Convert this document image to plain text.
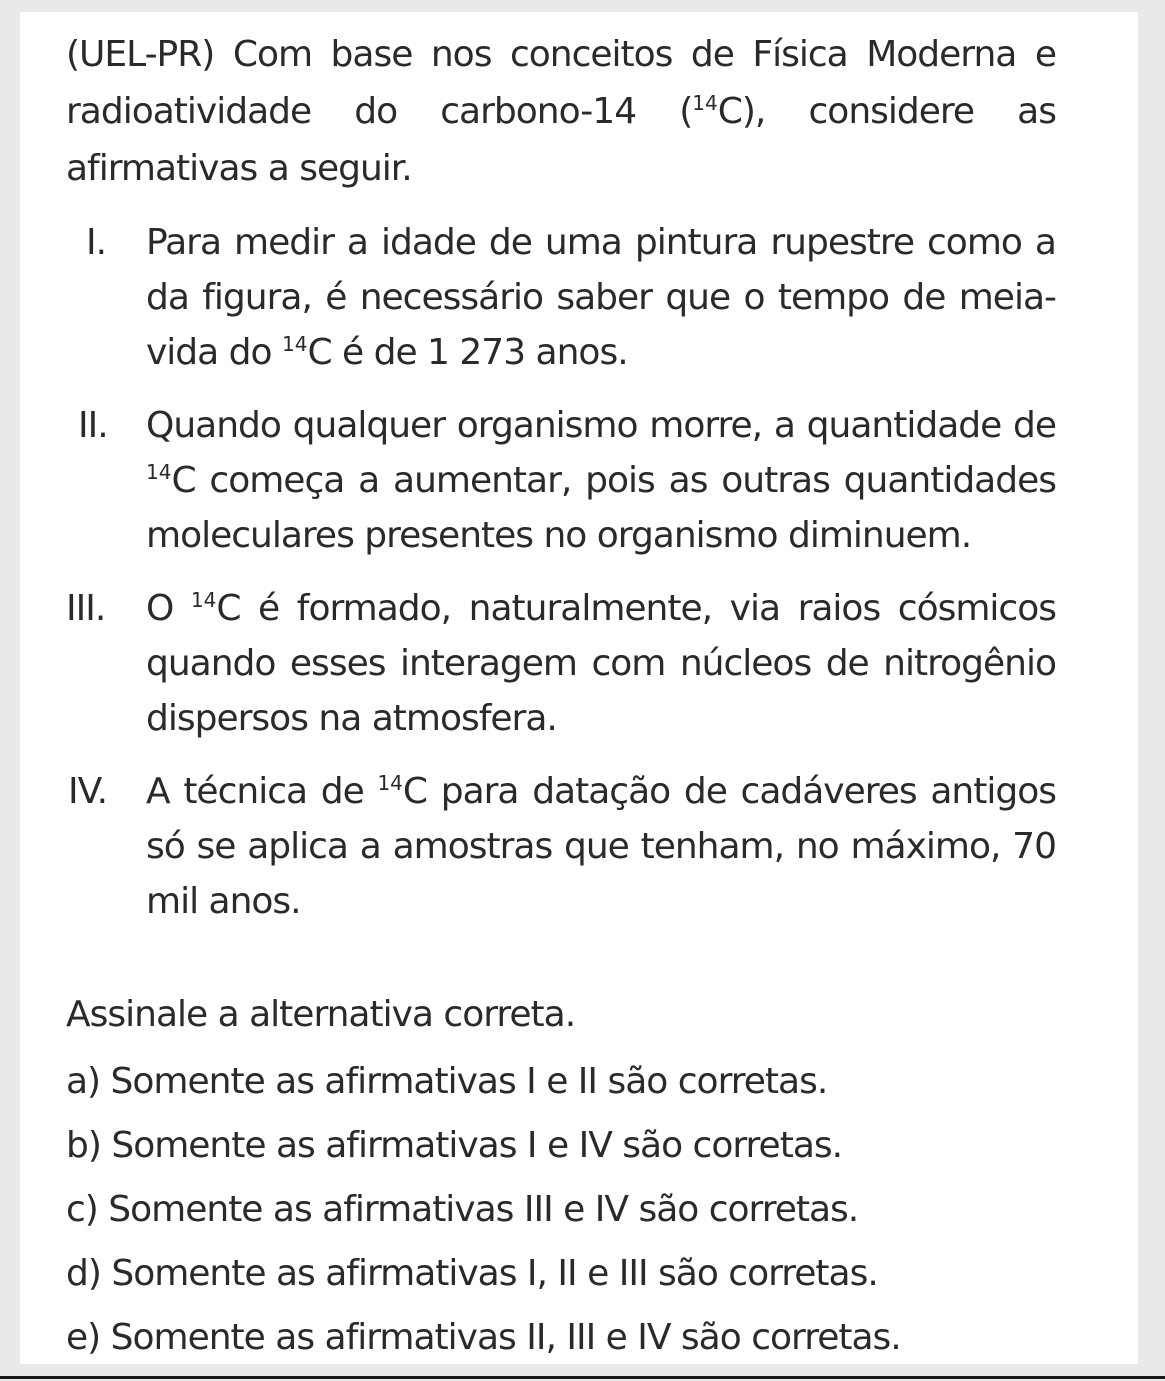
(UEL-PR) Com base nos conceitos de Física Moderna e radioatividade do carbono-14 ($^{14}$C), considere as afirmativas a seguir.

I. Para medir a idade de uma pintura rupestre como a da figura, é necessário saber que o tempo de meia-vida do $^{14}$C é de 1 273 anos.
II. Quando qualquer organismo morre, a quantidade de $^{14}$C começa a aumentar, pois as outras quantidades moleculares presentes no organismo diminuem.
III. O $^{14}$C é formado, naturalmente, via raios cósmicos quando esses interagem com núcleos de nitrogênio dispersos na atmosfera.
IV. A técnica de $^{14}$C para datação de cadáveres antigos só se aplica a amostras que tenham, no máximo, 70 mil anos.

Assinale a alternativa correta.

a) Somente as afirmativas I e II são corretas.

b) Somente as afirmativas I e IV são corretas.

c) Somente as afirmativas III e IV são corretas.

d) Somente as afirmativas I, II e III são corretas.

e) Somente as afirmativas II, III e IV são corretas.
